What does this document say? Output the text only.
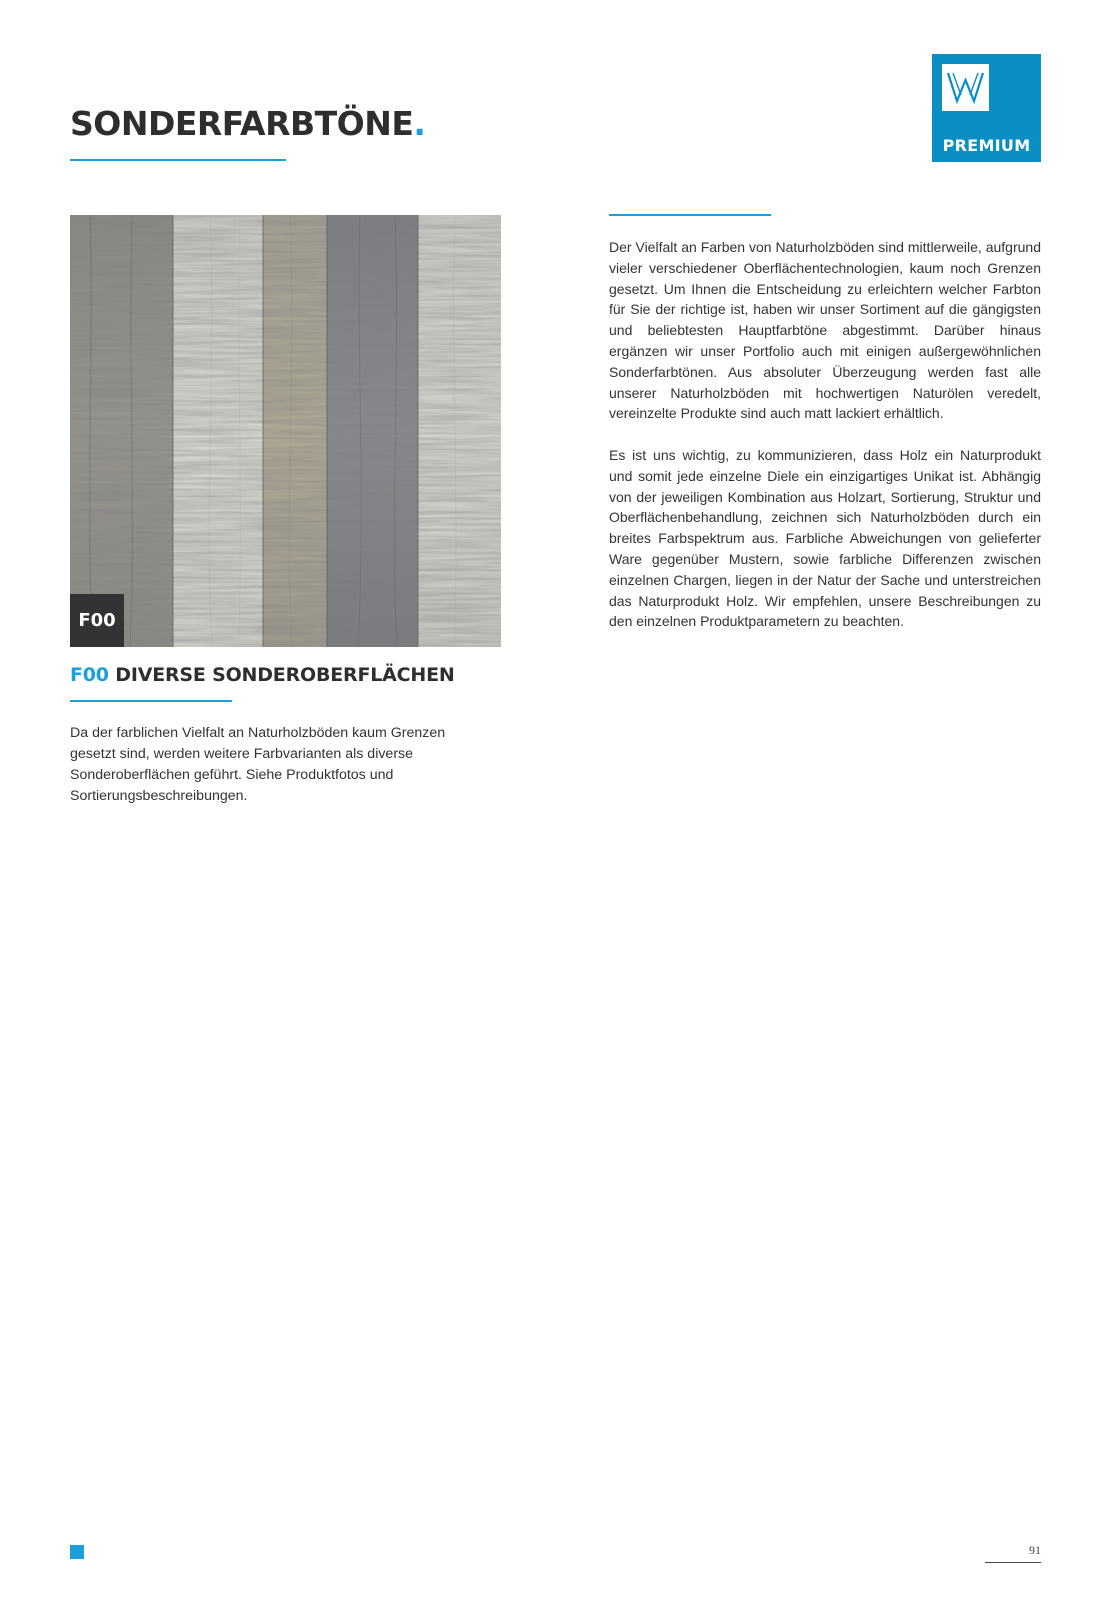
SONDERFARBTÖNE.
PREMIUM
F00
F00 DIVERSE SONDEROBERFLÄCHEN

Da der farblichen Vielfalt an Naturholzböden kaum Grenzen gesetzt sind, werden weitere Farbvarianten als diverse Sonderoberflächen geführt. Siehe Produktfotos und Sortierungsbeschreibungen.

Der Vielfalt an Farben von Naturholzböden sind mittlerweile, aufgrund vieler verschiedener Oberflächentechnologien, kaum noch Grenzen gesetzt. Um Ihnen die Entscheidung zu erleichtern welcher Farbton für Sie der richtige ist, haben wir unser Sortiment auf die gängigsten und beliebtesten Hauptfarbtöne abgestimmt. Darüber hinaus ergänzen wir unser Portfolio auch mit einigen außergewöhnlichen Sonderfarbtönen. Aus absoluter Überzeugung werden fast alle unserer Naturholzböden mit hochwertigen Naturölen veredelt, vereinzelte Produkte sind auch matt lackiert erhältlich.

Es ist uns wichtig, zu kommunizieren, dass Holz ein Naturprodukt und somit jede einzelne Diele ein einzigartiges Unikat ist. Abhängig von der jeweiligen Kombination aus Holzart, Sortierung, Struktur und Oberflächenbehandlung, zeichnen sich Naturholzböden durch ein breites Farbspektrum aus. Farbliche Abweichungen von gelieferter Ware gegenüber Mustern, sowie farbliche Differenzen zwischen einzelnen Chargen, liegen in der Natur der Sache und unterstreichen das Naturprodukt Holz. Wir empfehlen, unsere Beschreibungen zu den einzelnen Produktparametern zu beachten.

91
